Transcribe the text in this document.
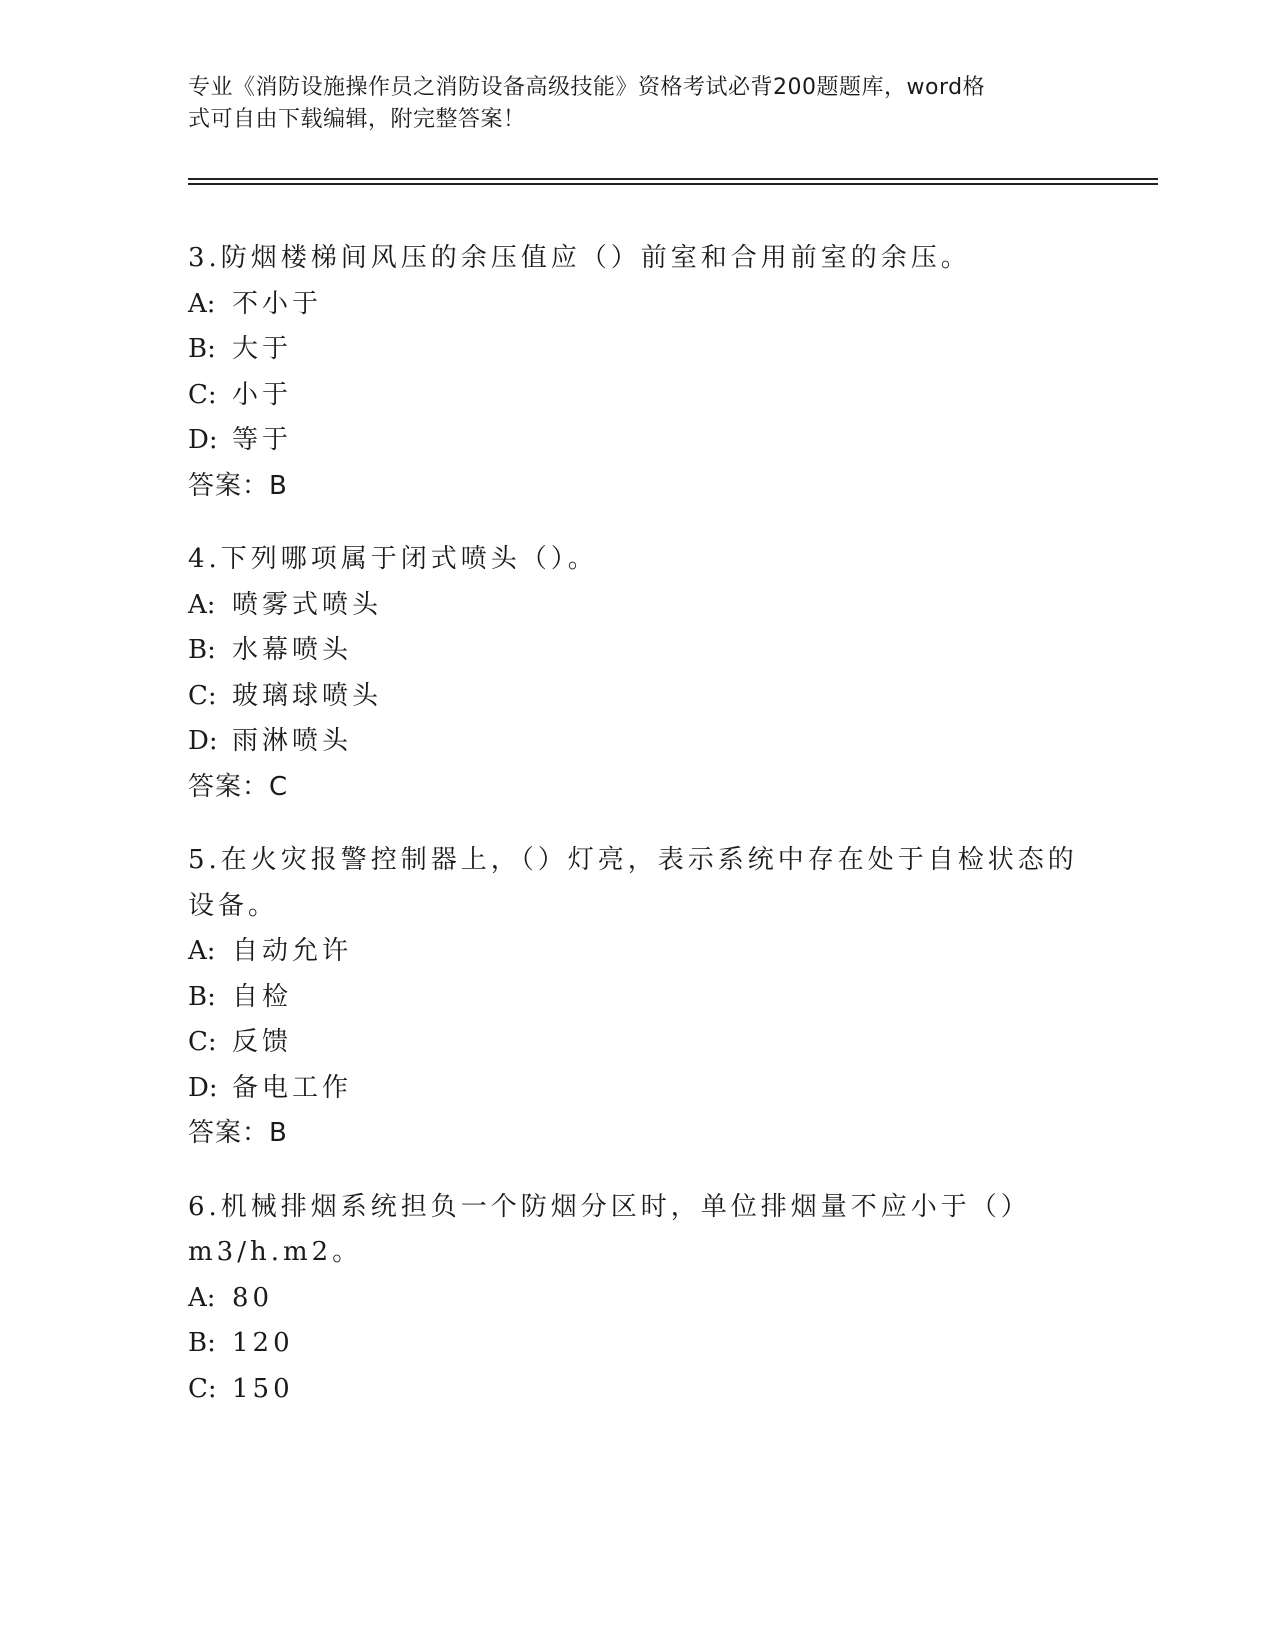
专业《消防设施操作员之消防设备高级技能》资格考试必背200题题库，word格
式可自由下载编辑，附完整答案！
3.防烟楼梯间风压的余压值应（）前室和合用前室的余压。
A: 不小于
B: 大于
C: 小于
D: 等于
答案：B
4.下列哪项属于闭式喷头（）。
A: 喷雾式喷头
B: 水幕喷头
C: 玻璃球喷头
D: 雨淋喷头
答案：C
5.在火灾报警控制器上，（）灯亮，表示系统中存在处于自检状态的
设备。
A: 自动允许
B: 自检
C: 反馈
D: 备电工作
答案：B
6.机械排烟系统担负一个防烟分区时，单位排烟量不应小于（）
m3/h.m2。
A: 80
B: 120
C: 150
